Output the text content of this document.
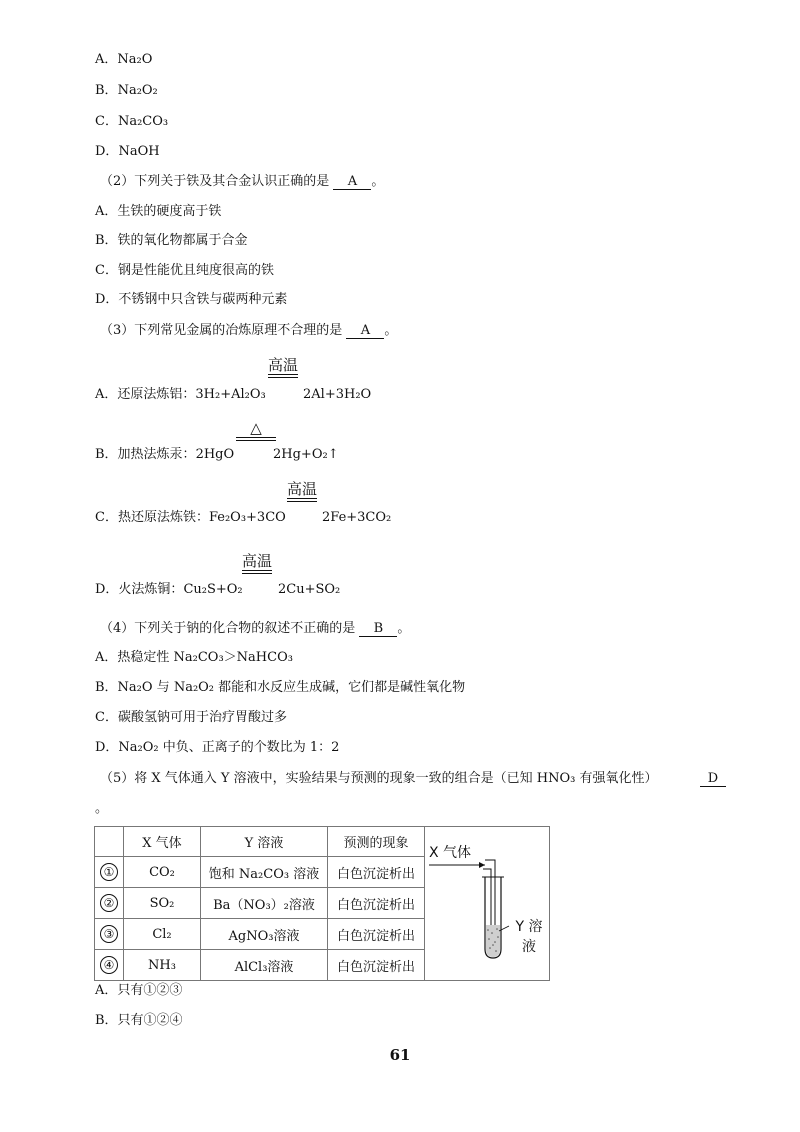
A．Na₂O
B．Na₂O₂
C．Na₂CO₃
D．NaOH
（2）下列关于铁及其合金认识正确的是 A 。
A．生铁的硬度高于铁
B．铁的氧化物都属于合金
C．钢是性能优且纯度很高的铁
D．不锈钢中只含铁与碳两种元素
（3）下列常见金属的冶炼原理不合理的是 A 。
高温
A．还原法炼铝：3H₂+Al₂O₃	2Al+3H₂O
△
B．加热法炼汞：2HgO	2Hg+O₂↑
高温
C．热还原法炼铁：Fe₂O₃+3CO	2Fe+3CO₂
高温
D．火法炼铜：Cu₂S+O₂	2Cu+SO₂
（4）下列关于钠的化合物的叙述不正确的是 B 。
A．热稳定性 Na₂CO₃＞NaHCO₃
B．Na₂O 与 Na₂O₂ 都能和水反应生成碱，它们都是碱性氧化物
C．碳酸氢钠可用于治疗胃酸过多
D．Na₂O₂ 中负、正离子的个数比为 1：2
（5）将 X 气体通入 Y 溶液中，实验结果与预测的现象一致的组合是（已知 HNO₃ 有强氧化性）	D
。
	X 气体	Y 溶液	预测的现象	X 气体
Y 溶液

①	CO₂	饱和 Na₂CO₃ 溶液	白色沉淀析出	
②	SO₂	Ba（NO₃）₂溶液	白色沉淀析出	
③	Cl₂	AgNO₃溶液	白色沉淀析出	
④	NH₃	AlCl₃溶液	白色沉淀析出	
A．只有①②③
B．只有①②④
61
